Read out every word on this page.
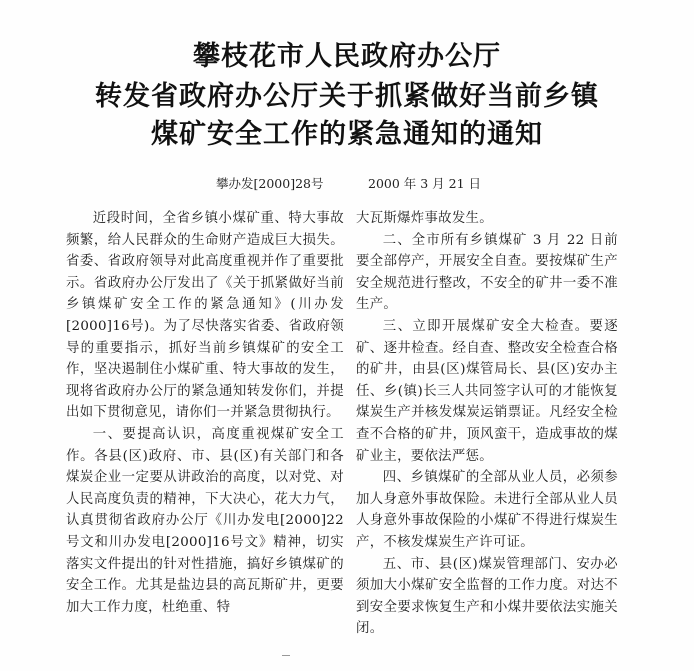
攀枝花市人民政府办公厅
转发省政府办公厅关于抓紧做好当前乡镇
煤矿安全工作的紧急通知的通知
攀办发[2000]28号	2000 年 3 月 21 日

近段时间，全省乡镇小煤矿重、特大事故频繁，给人民群众的生命财产造成巨大损失。省委、省政府领导对此高度重视并作了重要批示。省政府办公厅发出了《关于抓紧做好当前乡镇煤矿安全工作的紧急通知》(川办发[2000]16号)。为了尽快落实省委、省政府领导的重要指示，抓好当前乡镇煤矿的安全工作，坚决遏制住小煤矿重、特大事故的发生，现将省政府办公厅的紧急通知转发你们，并提出如下贯彻意见，请你们一并紧急贯彻执行。

一、要提高认识，高度重视煤矿安全工作。各县(区)政府、市、县(区)有关部门和各煤炭企业一定要从讲政治的高度，以对党、对人民高度负责的精神，下大决心，花大力气，认真贯彻省政府办公厅《川办发电[2000]22号文和川办发电[2000]16号文》精神，切实落实文件提出的针对性措施，搞好乡镇煤矿的安全工作。尤其是盐边县的高瓦斯矿井，更要加大工作力度，杜绝重、特

大瓦斯爆炸事故发生。

二、全市所有乡镇煤矿 3 月 22 日前要全部停产，开展安全自查。要按煤矿生产安全规范进行整改，不安全的矿井一委不准生产。

三、立即开展煤矿安全大检查。要逐矿、逐井检查。经自查、整改安全检查合格的矿井，由县(区)煤管局长、县(区)安办主任、乡(镇)长三人共同签字认可的才能恢复煤炭生产并核发煤炭运销票证。凡经安全检查不合格的矿井，顶风蛮干，造成事故的煤矿业主，要依法严惩。

四、乡镇煤矿的全部从业人员，必须参加人身意外事故保险。未进行全部从业人员人身意外事故保险的小煤矿不得进行煤炭生产，不核发煤炭生产许可证。

五、市、县(区)煤炭管理部门、安办必须加大小煤矿安全监督的工作力度。对达不到安全要求恢复生产和小煤井要依法实施关闭。
